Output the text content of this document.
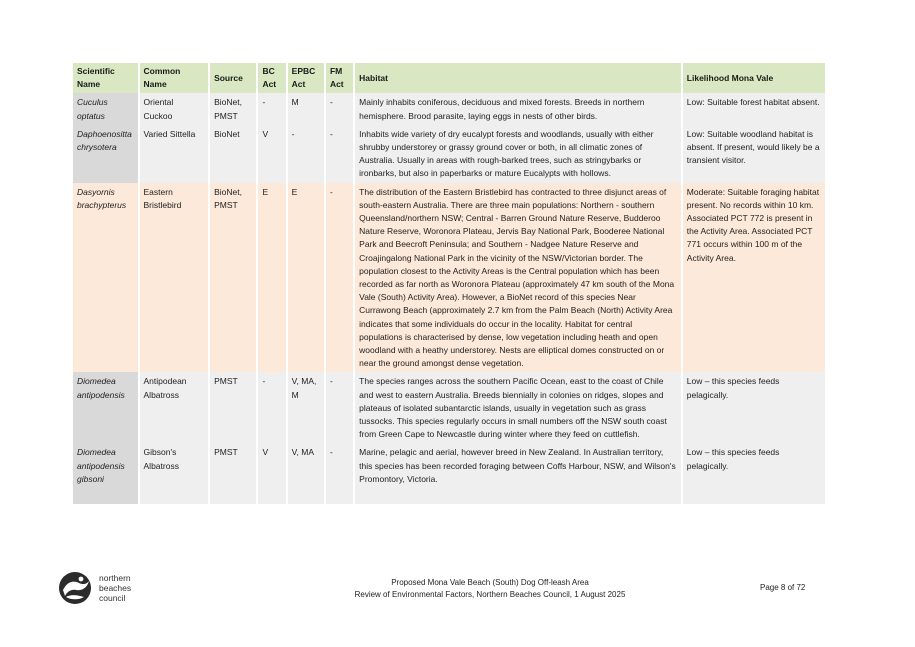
Scientific Name	Common Name	Source	BC Act	EPBC Act	FM Act	Habitat	Likelihood Mona Vale
Cuculus optatus	Oriental Cuckoo	BioNet, PMST	-	M	-	Mainly inhabits coniferous, deciduous and mixed forests. Breeds in northern hemisphere. Brood parasite, laying eggs in nests of other birds.	Low: Suitable forest habitat absent.
Daphoenositta chrysotera	Varied Sittella	BioNet	V	-	-	Inhabits wide variety of dry eucalypt forests and woodlands, usually with either shrubby understorey or grassy ground cover or both, in all climatic zones of Australia. Usually in areas with rough-barked trees, such as stringybarks or ironbarks, but also in paperbarks or mature Eucalypts with hollows.	Low: Suitable woodland habitat is absent. If present, would likely be a transient visitor.
Dasyornis brachypterus	Eastern Bristlebird	BioNet, PMST	E	E	-	The distribution of the Eastern Bristlebird has contracted to three disjunct areas of south-eastern Australia. There are three main populations: Northern - southern Queensland/northern NSW; Central - Barren Ground Nature Reserve, Budderoo Nature Reserve, Woronora Plateau, Jervis Bay National Park, Booderee National Park and Beecroft Peninsula; and Southern - Nadgee Nature Reserve and Croajingalong National Park in the vicinity of the NSW/Victorian border. The population closest to the Activity Areas is the Central population which has been recorded as far north as Woronora Plateau (approximately 47 km south of the Mona Vale (South) Activity Area). However, a BioNet record of this species Near Currawong Beach (approximately 2.7 km from the Palm Beach (North) Activity Area indicates that some individuals do occur in the locality. Habitat for central populations is characterised by dense, low vegetation including heath and open woodland with a heathy understorey. Nests are elliptical domes constructed on or near the ground amongst dense vegetation.	Moderate: Suitable foraging habitat present. No records within 10 km. Associated PCT 772 is present in the Activity Area. Associated PCT 771 occurs within 100 m of the Activity Area.
Diomedea antipodensis	Antipodean Albatross	PMST	-	V, MA, M	-	The species ranges across the southern Pacific Ocean, east to the coast of Chile and west to eastern Australia. Breeds biennially in colonies on ridges, slopes and plateaus of isolated subantarctic islands, usually in vegetation such as grass tussocks. This species regularly occurs in small numbers off the NSW south coast from Green Cape to Newcastle during winter where they feed on cuttlefish.	Low – this species feeds pelagically.
Diomedea antipodensis gibsoni	Gibson's Albatross	PMST	V	V, MA	-	Marine, pelagic and aerial, however breed in New Zealand. In Australian territory, this species has been recorded foraging between Coffs Harbour, NSW, and Wilson's Promontory, Victoria.	Low – this species feeds pelagically.
northern
beaches
council
Proposed Mona Vale Beach (South) Dog Off-leash Area
Review of Environmental Factors, Northern Beaches Council, 1 August 2025
Page 8 of 72
